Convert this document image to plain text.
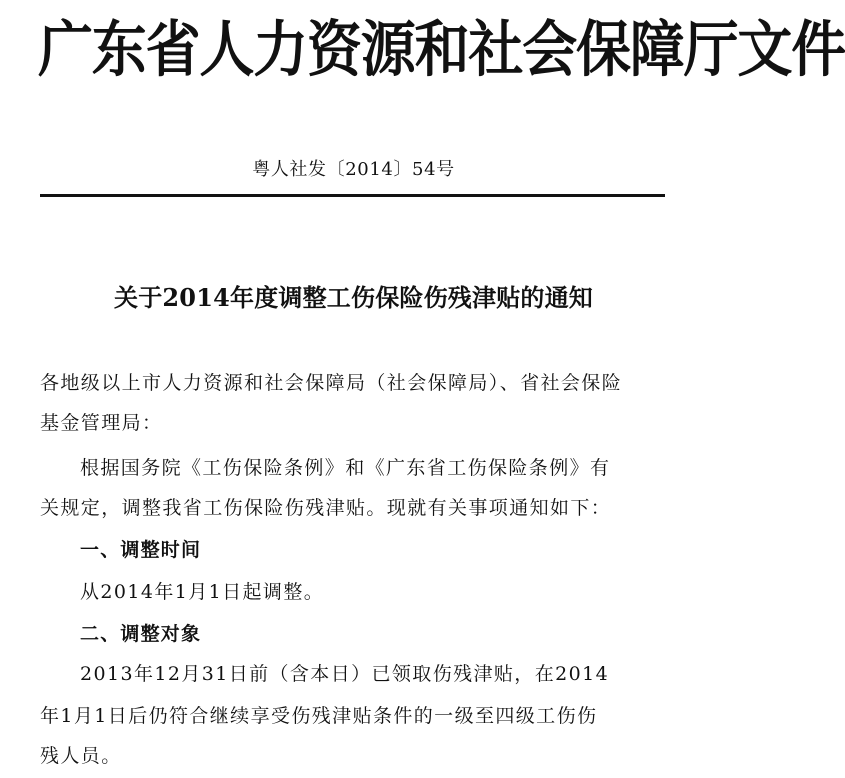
广东省人力资源和社会保障厅文件
粤人社发〔2014〕54号
关于2014年度调整工伤保险伤残津贴的通知
各地级以上市人力资源和社会保障局（社会保障局）、省社会保险
基金管理局：
根据国务院《工伤保险条例》和《广东省工伤保险条例》有
关规定，调整我省工伤保险伤残津贴。现就有关事项通知如下：
一、调整时间
从2014年1月1日起调整。
二、调整对象
2013年12月31日前（含本日）已领取伤残津贴，在2014
年1月1日后仍符合继续享受伤残津贴条件的一级至四级工伤伤
残人员。
